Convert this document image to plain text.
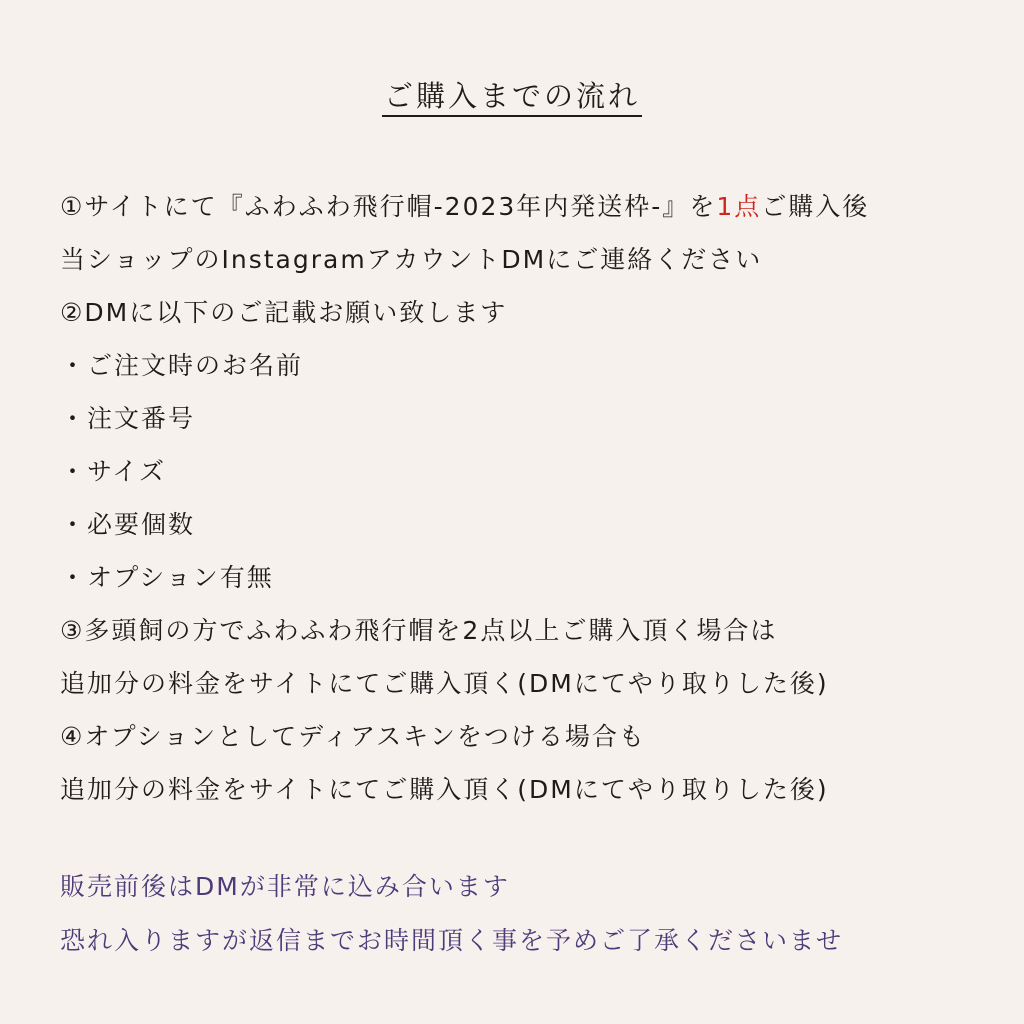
ご購入までの流れ
①サイトにて『ふわふわ飛行帽-2023年内発送枠-』を1点ご購入後
当ショップのInstagramアカウントDMにご連絡ください
②DMに以下のご記載お願い致します
・ご注文時のお名前
・注文番号
・サイズ
・必要個数
・オプション有無
③多頭飼の方でふわふわ飛行帽を2点以上ご購入頂く場合は
追加分の料金をサイトにてご購入頂く(DMにてやり取りした後)
④オプションとしてディアスキンをつける場合も
追加分の料金をサイトにてご購入頂く(DMにてやり取りした後)
販売前後はDMが非常に込み合います
恐れ入りますが返信までお時間頂く事を予めご了承くださいませ
